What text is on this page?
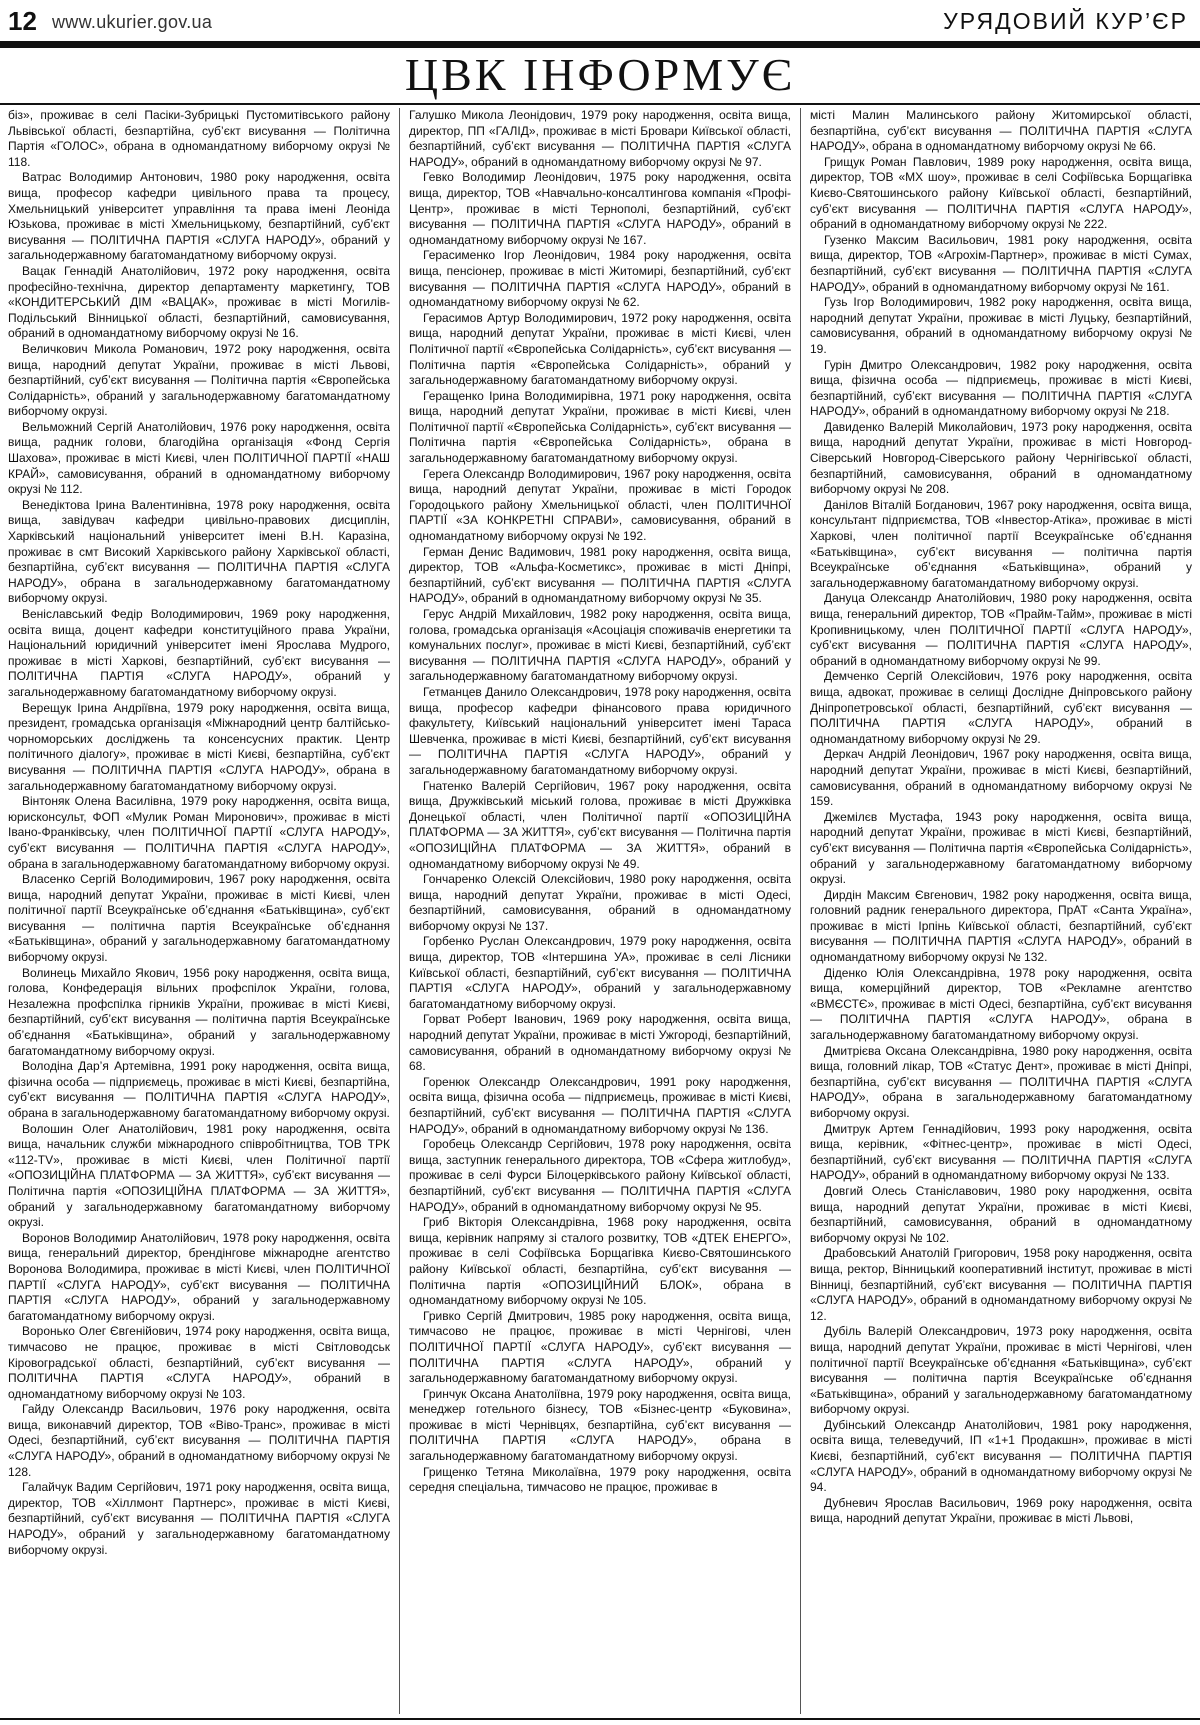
12 www.ukurier.gov.ua	УРЯДОВИЙ КУР’ЄР
ЦВК ІНФОРМУЄ

біз», проживає в селі Пасіки-Зубрицькі Пустомитівського району Львівської області, безпартійна, суб’єкт висування — Політична Партія «ГОЛОС», обрана в одномандатному виборчому окрузі № 118.

Ватрас Володимир Антонович, 1980 року народження, освіта вища, професор кафедри цивільного права та процесу, Хмельницький університет управління та права імені Леоніда Юзькова, проживає в місті Хмельницькому, безпартійний, суб’єкт висування — ПОЛІТИЧНА ПАРТІЯ «СЛУГА НАРОДУ», обраний у загальнодержавному багатомандатному виборчому окрузі.

Вацак Геннадій Анатолійович, 1972 року народження, освіта професійно-технічна, директор департаменту маркетингу, ТОВ «КОНДИТЕРСЬКИЙ ДІМ «ВАЦАК», проживає в місті Могилів-Подільський Вінницької області, безпартійний, самовисування, обраний в одномандатному виборчому окрузі № 16.

Величкович Микола Романович, 1972 року народження, освіта вища, народний депутат України, проживає в місті Львові, безпартійний, суб’єкт висування — Політична партія «Європейська Солідарність», обраний у загальнодержавному багатомандатному виборчому окрузі.

Вельможний Сергій Анатолійович, 1976 року народження, освіта вища, радник голови, благодійна організація «Фонд Сергія Шахова», проживає в місті Києві, член ПОЛІТИЧНОЇ ПАРТІЇ «НАШ КРАЙ», самовисування, обраний в одномандатному виборчому окрузі № 112.

Венедіктова Ірина Валентинівна, 1978 року народження, освіта вища, завідувач кафедри цивільно-правових дисциплін, Харківський національний університет імені В.Н. Каразіна, проживає в смт Високий Харківського району Харківської області, безпартійна, суб’єкт висування — ПОЛІТИЧНА ПАРТІЯ «СЛУГА НАРОДУ», обрана в загальнодержавному багатомандатному виборчому окрузі.

Веніславський Федір Володимирович, 1969 року народження, освіта вища, доцент кафедри конституційного права України, Національний юридичний університет імені Ярослава Мудрого, проживає в місті Харкові, безпартійний, суб’єкт висування — ПОЛІТИЧНА ПАРТІЯ «СЛУГА НАРОДУ», обраний у загальнодержавному багатомандатному виборчому окрузі.

Верещук Ірина Андріївна, 1979 року народження, освіта вища, президент, громадська організація «Міжнародний центр балтійсько-чорноморських досліджень та консенсусних практик. Центр політичного діалогу», проживає в місті Києві, безпартійна, суб’єкт висування — ПОЛІТИЧНА ПАРТІЯ «СЛУГА НАРОДУ», обрана в загальнодержавному багатомандатному виборчому окрузі.

Вінтоняк Олена Василівна, 1979 року народження, освіта вища, юрисконсульт, ФОП «Мулик Роман Миронович», проживає в місті Івано-Франківську, член ПОЛІТИЧНОЇ ПАРТІЇ «СЛУГА НАРОДУ», суб’єкт висування — ПОЛІТИЧНА ПАРТІЯ «СЛУГА НАРОДУ», обрана в загальнодержавному багатомандатному виборчому окрузі.

Власенко Сергій Володимирович, 1967 року народження, освіта вища, народний депутат України, проживає в місті Києві, член політичної партії Всеукраїнське об’єднання «Батьківщина», суб’єкт висування — політична партія Всеукраїнське об’єднання «Батьківщина», обраний у загальнодержавному багатомандатному виборчому окрузі.

Волинець Михайло Якович, 1956 року народження, освіта вища, голова, Конфедерація вільних профспілок України, голова, Незалежна профспілка гірників України, проживає в місті Києві, безпартійний, суб’єкт висування — політична партія Всеукраїнське об’єднання «Батьківщина», обраний у загальнодержавному багатомандатному виборчому окрузі.

Володіна Дар’я Артемівна, 1991 року народження, освіта вища, фізична особа — підприємець, проживає в місті Києві, безпартійна, суб’єкт висування — ПОЛІТИЧНА ПАРТІЯ «СЛУГА НАРОДУ», обрана в загальнодержавному багатомандатному виборчому окрузі.

Волошин Олег Анатолійович, 1981 року народження, освіта вища, начальник служби міжнародного співробітництва, ТОВ ТРК «112-TV», проживає в місті Києві, член Політичної партії «ОПОЗИЦІЙНА ПЛАТФОРМА — ЗА ЖИТТЯ», суб’єкт висування — Політична партія «ОПОЗИЦІЙНА ПЛАТФОРМА — ЗА ЖИТТЯ», обраний у загальнодержавному багатомандатному виборчому окрузі.

Воронов Володимир Анатолійович, 1978 року народження, освіта вища, генеральний директор, брендінгове міжнародне агентство Воронова Володимира, проживає в місті Києві, член ПОЛІТИЧНОЇ ПАРТІЇ «СЛУГА НАРОДУ», суб’єкт висування — ПОЛІТИЧНА ПАРТІЯ «СЛУГА НАРОДУ», обраний у загальнодержавному багатомандатному виборчому окрузі.

Воронько Олег Євгенійович, 1974 року народження, освіта вища, тимчасово не працює, проживає в місті Світловодськ Кіровоградської області, безпартійний, суб’єкт висування — ПОЛІТИЧНА ПАРТІЯ «СЛУГА НАРОДУ», обраний в одномандатному виборчому окрузі № 103.

Гайду Олександр Васильович, 1976 року народження, освіта вища, виконавчий директор, ТОВ «Віво-Транс», проживає в місті Одесі, безпартійний, суб’єкт висування — ПОЛІТИЧНА ПАРТІЯ «СЛУГА НАРОДУ», обраний в одномандатному виборчому окрузі № 128.

Галайчук Вадим Сергійович, 1971 року народження, освіта вища, директор, ТОВ «Хіллмонт Партнерс», проживає в місті Києві, безпартійний, суб’єкт висування — ПОЛІТИЧНА ПАРТІЯ «СЛУГА НАРОДУ», обраний у загальнодержавному багатомандатному виборчому окрузі.

Галушко Микола Леонідович, 1979 року народження, освіта вища, директор, ПП «ГАЛІД», проживає в місті Бровари Київської області, безпартійний, суб’єкт висування — ПОЛІТИЧНА ПАРТІЯ «СЛУГА НАРОДУ», обраний в одномандатному виборчому окрузі № 97.

Гевко Володимир Леонідович, 1975 року народження, освіта вища, директор, ТОВ «Навчально-консалтингова компанія «Профі-Центр», проживає в місті Тернополі, безпартійний, суб’єкт висування — ПОЛІТИЧНА ПАРТІЯ «СЛУГА НАРОДУ», обраний в одномандатному виборчому окрузі № 167.

Герасименко Ігор Леонідович, 1984 року народження, освіта вища, пенсіонер, проживає в місті Житомирі, безпартійний, суб’єкт висування — ПОЛІТИЧНА ПАРТІЯ «СЛУГА НАРОДУ», обраний в одномандатному виборчому окрузі № 62.

Герасимов Артур Володимирович, 1972 року народження, освіта вища, народний депутат України, проживає в місті Києві, член Політичної партії «Європейська Солідарність», суб’єкт висування — Політична партія «Європейська Солідарність», обраний у загальнодержавному багатомандатному виборчому окрузі.

Геращенко Ірина Володимирівна, 1971 року народження, освіта вища, народний депутат України, проживає в місті Києві, член Політичної партії «Європейська Солідарність», суб’єкт висування — Політична партія «Європейська Солідарність», обрана в загальнодержавному багатомандатному виборчому окрузі.

Герега Олександр Володимирович, 1967 року народження, освіта вища, народний депутат України, проживає в місті Городок Городоцького району Хмельницької області, член ПОЛІТИЧНОЇ ПАРТІЇ «ЗА КОНКРЕТНІ СПРАВИ», самовисування, обраний в одномандатному виборчому окрузі № 192.

Герман Денис Вадимович, 1981 року народження, освіта вища, директор, ТОВ «Альфа-Косметикс», проживає в місті Дніпрі, безпартійний, суб’єкт висування — ПОЛІТИЧНА ПАРТІЯ «СЛУГА НАРОДУ», обраний в одномандатному виборчому окрузі № 35.

Герус Андрій Михайлович, 1982 року народження, освіта вища, голова, громадська організація «Асоціація споживачів енергетики та комунальних послуг», проживає в місті Києві, безпартійний, суб’єкт висування — ПОЛІТИЧНА ПАРТІЯ «СЛУГА НАРОДУ», обраний у загальнодержавному багатомандатному виборчому окрузі.

Гетманцев Данило Олександрович, 1978 року народження, освіта вища, професор кафедри фінансового права юридичного факультету, Київський національний університет імені Тараса Шевченка, проживає в місті Києві, безпартійний, суб’єкт висування — ПОЛІТИЧНА ПАРТІЯ «СЛУГА НАРОДУ», обраний у загальнодержавному багатомандатному виборчому окрузі.

Гнатенко Валерій Сергійович, 1967 року народження, освіта вища, Дружківський міський голова, проживає в місті Дружківка Донецької області, член Політичної партії «ОПОЗИЦІЙНА ПЛАТФОРМА — ЗА ЖИТТЯ», суб’єкт висування — Політична партія «ОПОЗИЦІЙНА ПЛАТФОРМА — ЗА ЖИТТЯ», обраний в одномандатному виборчому окрузі № 49.

Гончаренко Олексій Олексійович, 1980 року народження, освіта вища, народний депутат України, проживає в місті Одесі, безпартійний, самовисування, обраний в одномандатному виборчому окрузі № 137.

Горбенко Руслан Олександрович, 1979 року народження, освіта вища, директор, ТОВ «Інтершина УА», проживає в селі Лісники Київської області, безпартійний, суб’єкт висування — ПОЛІТИЧНА ПАРТІЯ «СЛУГА НАРОДУ», обраний у загальнодержавному багатомандатному виборчому окрузі.

Горват Роберт Іванович, 1969 року народження, освіта вища, народний депутат України, проживає в місті Ужгороді, безпартійний, самовисування, обраний в одномандатному виборчому окрузі № 68.

Горенюк Олександр Олександрович, 1991 року народження, освіта вища, фізична особа — підприємець, проживає в місті Києві, безпартійний, суб’єкт висування — ПОЛІТИЧНА ПАРТІЯ «СЛУГА НАРОДУ», обраний в одномандатному виборчому окрузі № 136.

Горобець Олександр Сергійович, 1978 року народження, освіта вища, заступник генерального директора, ТОВ «Сфера житлобуд», проживає в селі Фурси Білоцерківського району Київської області, безпартійний, суб’єкт висування — ПОЛІТИЧНА ПАРТІЯ «СЛУГА НАРОДУ», обраний в одномандатному виборчому окрузі № 95.

Гриб Вікторія Олександрівна, 1968 року народження, освіта вища, керівник напряму зі сталого розвитку, ТОВ «ДТЕК ЕНЕРГО», проживає в селі Софіївська Борщагівка Києво-Святошинського району Київської області, безпартійна, суб’єкт висування — Політична партія «ОПОЗИЦІЙНИЙ БЛОК», обрана в одномандатному виборчому окрузі № 105.

Гривко Сергій Дмитрович, 1985 року народження, освіта вища, тимчасово не працює, проживає в місті Чернігові, член ПОЛІТИЧНОЇ ПАРТІЇ «СЛУГА НАРОДУ», суб’єкт висування — ПОЛІТИЧНА ПАРТІЯ «СЛУГА НАРОДУ», обраний у загальнодержавному багатомандатному виборчому окрузі.

Гринчук Оксана Анатоліївна, 1979 року народження, освіта вища, менеджер готельного бізнесу, ТОВ «Бізнес-центр «Буковина», проживає в місті Чернівцях, безпартійна, суб’єкт висування — ПОЛІТИЧНА ПАРТІЯ «СЛУГА НАРОДУ», обрана в загальнодержавному багатомандатному виборчому окрузі.

Грищенко Тетяна Миколаївна, 1979 року народження, освіта середня спеціальна, тимчасово не працює, проживає в

місті Малин Малинського району Житомирської області, безпартійна, суб’єкт висування — ПОЛІТИЧНА ПАРТІЯ «СЛУГА НАРОДУ», обрана в одномандатному виборчому окрузі № 66.

Грищук Роман Павлович, 1989 року народження, освіта вища, директор, ТОВ «МХ шоу», проживає в селі Софіївська Борщагівка Києво-Святошинського району Київської області, безпартійний, суб’єкт висування — ПОЛІТИЧНА ПАРТІЯ «СЛУГА НАРОДУ», обраний в одномандатному виборчому окрузі № 222.

Гузенко Максим Васильович, 1981 року народження, освіта вища, директор, ТОВ «Агрохім-Партнер», проживає в місті Сумах, безпартійний, суб’єкт висування — ПОЛІТИЧНА ПАРТІЯ «СЛУГА НАРОДУ», обраний в одномандатному виборчому окрузі № 161.

Гузь Ігор Володимирович, 1982 року народження, освіта вища, народний депутат України, проживає в місті Луцьку, безпартійний, самовисування, обраний в одномандатному виборчому окрузі № 19.

Гурін Дмитро Олександрович, 1982 року народження, освіта вища, фізична особа — підприємець, проживає в місті Києві, безпартійний, суб’єкт висування — ПОЛІТИЧНА ПАРТІЯ «СЛУГА НАРОДУ», обраний в одномандатному виборчому окрузі № 218.

Давиденко Валерій Миколайович, 1973 року народження, освіта вища, народний депутат України, проживає в місті Новгород-Сіверський Новгород-Сіверського району Чернігівської області, безпартійний, самовисування, обраний в одномандатному виборчому окрузі № 208.

Данілов Віталій Богданович, 1967 року народження, освіта вища, консультант підприємства, ТОВ «Інвестор-Атіка», проживає в місті Харкові, член політичної партії Всеукраїнське об’єднання «Батьківщина», суб’єкт висування — політична партія Всеукраїнське об’єднання «Батьківщина», обраний у загальнодержавному багатомандатному виборчому окрузі.

Дануца Олександр Анатолійович, 1980 року народження, освіта вища, генеральний директор, ТОВ «Прайм-Тайм», проживає в місті Кропивницькому, член ПОЛІТИЧНОЇ ПАРТІЇ «СЛУГА НАРОДУ», суб’єкт висування — ПОЛІТИЧНА ПАРТІЯ «СЛУГА НАРОДУ», обраний в одномандатному виборчому окрузі № 99.

Демченко Сергій Олексійович, 1976 року народження, освіта вища, адвокат, проживає в селищі Дослідне Дніпровського району Дніпропетровської області, безпартійний, суб’єкт висування — ПОЛІТИЧНА ПАРТІЯ «СЛУГА НАРОДУ», обраний в одномандатному виборчому окрузі № 29.

Деркач Андрій Леонідович, 1967 року народження, освіта вища, народний депутат України, проживає в місті Києві, безпартійний, самовисування, обраний в одномандатному виборчому окрузі № 159.

Джемілєв Мустафа, 1943 року народження, освіта вища, народний депутат України, проживає в місті Києві, безпартійний, суб’єкт висування — Політична партія «Європейська Солідарність», обраний у загальнодержавному багатомандатному виборчому окрузі.

Дирдін Максим Євгенович, 1982 року народження, освіта вища, головний радник генерального директора, ПрАТ «Санта Україна», проживає в місті Ірпінь Київської області, безпартійний, суб’єкт висування — ПОЛІТИЧНА ПАРТІЯ «СЛУГА НАРОДУ», обраний в одномандатному виборчому окрузі № 132.

Діденко Юлія Олександрівна, 1978 року народження, освіта вища, комерційний директор, ТОВ «Рекламне агентство «ВМЄСТЄ», проживає в місті Одесі, безпартійна, суб’єкт висування — ПОЛІТИЧНА ПАРТІЯ «СЛУГА НАРОДУ», обрана в загальнодержавному багатомандатному виборчому окрузі.

Дмитрієва Оксана Олександрівна, 1980 року народження, освіта вища, головний лікар, ТОВ «Статус Дент», проживає в місті Дніпрі, безпартійна, суб’єкт висування — ПОЛІТИЧНА ПАРТІЯ «СЛУГА НАРОДУ», обрана в загальнодержавному багатомандатному виборчому окрузі.

Дмитрук Артем Геннадійович, 1993 року народження, освіта вища, керівник, «Фітнес-центр», проживає в місті Одесі, безпартійний, суб’єкт висування — ПОЛІТИЧНА ПАРТІЯ «СЛУГА НАРОДУ», обраний в одномандатному виборчому окрузі № 133.

Довгий Олесь Станіславович, 1980 року народження, освіта вища, народний депутат України, проживає в місті Києві, безпартійний, самовисування, обраний в одномандатному виборчому окрузі № 102.

Драбовський Анатолій Григорович, 1958 року народження, освіта вища, ректор, Вінницький кооперативний інститут, проживає в місті Вінниці, безпартійний, суб’єкт висування — ПОЛІТИЧНА ПАРТІЯ «СЛУГА НАРОДУ», обраний в одномандатному виборчому окрузі № 12.

Дубіль Валерій Олександрович, 1973 року народження, освіта вища, народний депутат України, проживає в місті Чернігові, член політичної партії Всеукраїнське об’єднання «Батьківщина», суб’єкт висування — політична партія Всеукраїнське об’єднання «Батьківщина», обраний у загальнодержавному багатомандатному виборчому окрузі.

Дубінський Олександр Анатолійович, 1981 року народження, освіта вища, телеведучий, ІП «1+1 Продакшн», проживає в місті Києві, безпартійний, суб’єкт висування — ПОЛІТИЧНА ПАРТІЯ «СЛУГА НАРОДУ», обраний в одномандатному виборчому окрузі № 94.

Дубневич Ярослав Васильович, 1969 року народження, освіта вища, народний депутат України, проживає в місті Львові,
